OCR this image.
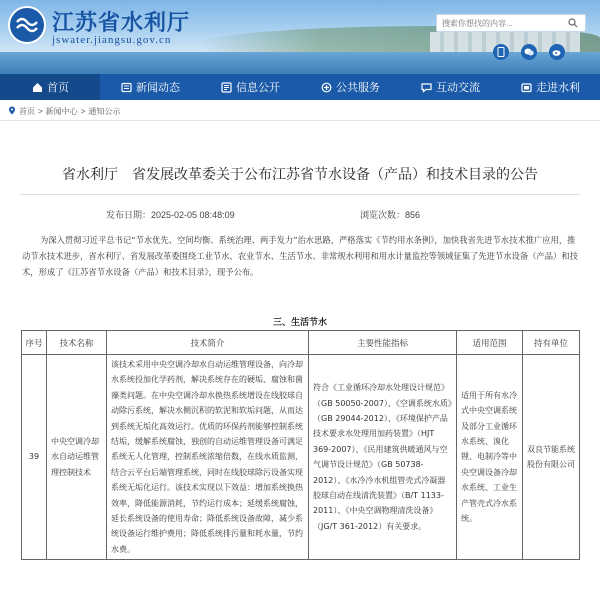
江苏省水利厅
jswater.jiangsu.gov.cn
搜索你想找的内容...
首页	新闻动态	信息公开	公共服务	互动交流	走进水利
首页 > 新闻中心 > 通知公示
省水利厅　省发展改革委关于公布江苏省节水设备（产品）和技术目录的公告
发布日期：2025-02-05 08:48:09	浏览次数：856
为深入贯彻习近平总书记“节水优先、空间均衡、系统治理、两手发力”治水思路，严格落实《节约用水条例》，加快我省先进节水技术推广应用，推动节水技术进步，省水利厅、省发展改革委围绕工业节水、农业节水、生活节水、非常规水利用和用水计量监控等领域征集了先进节水设备（产品）和技术，形成了《江苏省节水设备（产品）和技术目录》，现予公布。
三、生活节水
序号	技术名称	技术简介	主要性能指标	适用范围	持有单位
39	中央空调冷却水自动运维管理控制技术	该技术采用中央空调冷却水自动运维管理设备，向冷却水系统投加化学药剂，解决系统存在的硬垢、腐蚀和菌藻类问题。在中央空调冷却水换热系统增设在线胶球自动除污系统，解决水侧沉积的软泥和软垢问题，从而达到系统无垢化高效运行。优质的环保药剂能够控制系统结垢，缓解系统腐蚀，独创的自动运维管理设备可满足系统无人化管理，控制系统浓缩倍数，在线水质监测，结合云平台后端管理系统，同时在线胶球除污设备实现系统无垢化运行。该技术实现以下效益：增加系统换热效率，降低能源消耗，节约运行成本；延缓系统腐蚀，延长系统设备的使用寿命；降低系统设备故障，减少系统设备运行维护费用；降低系统排污量和耗水量，节约水费。	符合《工业循环冷却水处理设计规范》（GB 50050-2007）、《空调系统水质》（GB 29044-2012）、《环境保护产品技术要求水处理用加药装置》（HJT 369-2007）、《民用建筑供暖通风与空气调节设计规范》（GB 50738-2012）、《水冷冷水机组管壳式冷凝器胶球自动在线清洗装置》（B/T 1133-2011）、《中央空调物理清洗设备》（JG/T 361-2012）有关要求。	适用于所有水冷式中央空调系统及部分工业循环水系统、溴化锂、电制冷等中央空调设备冷却水系统、工业生产管壳式冷水系统。	双良节能系统股份有限公司
